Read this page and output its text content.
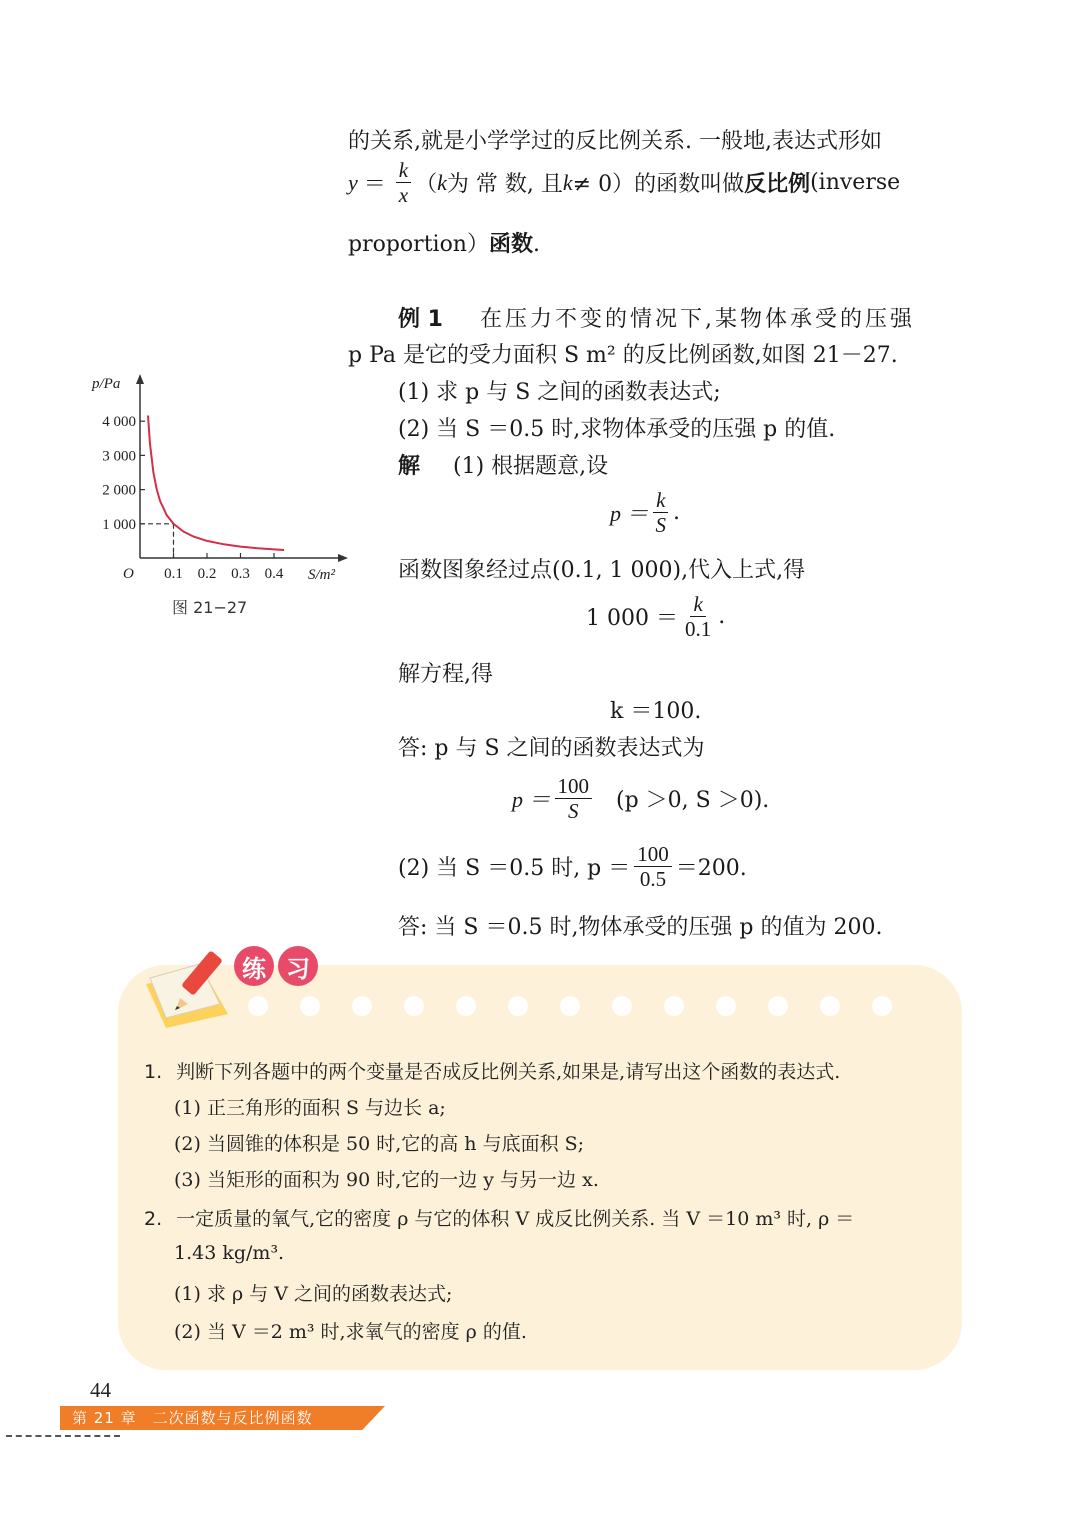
的关系,就是小学学过的反比例关系. 一般地,表达式形如
$y = \frac{k}{x}$ （ k 为 常 数, 且 k ≠ 0）的函数叫做 反比例 (inverse
proportion）函数.
例 1 在压力不变的情况下,某物体承受的压强
p Pa 是它的受力面积 S m² 的反比例函数,如图 21－27.
(1) 求 p 与 S 之间的函数表达式;
(2) 当 S ＝0.5 时,求物体承受的压强 p 的值.
解 (1) 根据题意,设
$p = \frac{k}{S}$ .
函数图象经过点(0.1, 1 000),代入上式,得
1 $000 = \frac{k}{0.1}$ .
解方程,得
k ＝100.
答: p 与 S 之间的函数表达式为
$p = \frac{100}{S} (p >0$, S ＞0).
(2) 当 S ＝0.5 时, $p = \frac{100}{0.5} =200$.
答: 当 S ＝0.5 时,物体承受的压强 p 的值为 200.
p/Pa
S/m²
O
4 000
3 000
2 000
1 000
0.1 0.2 0.3 0.4
图 21−27
练 习
1. 判断下列各题中的两个变量是否成反比例关系,如果是,请写出这个函数的表达式.
(1) 正三角形的面积 S 与边长 a;
(2) 当圆锥的体积是 50 时,它的高 h 与底面积 S;
(3) 当矩形的面积为 90 时,它的一边 y 与另一边 x.
2. 一定质量的氧气,它的密度 ρ 与它的体积 V 成反比例关系. 当 V ＝10 m³ 时, ρ ＝
1.43 kg/m³.
(1) 求 ρ 与 V 之间的函数表达式;
(2) 当 V ＝2 m³ 时,求氧气的密度 ρ 的值.
44
第 21 章　二次函数与反比例函数
